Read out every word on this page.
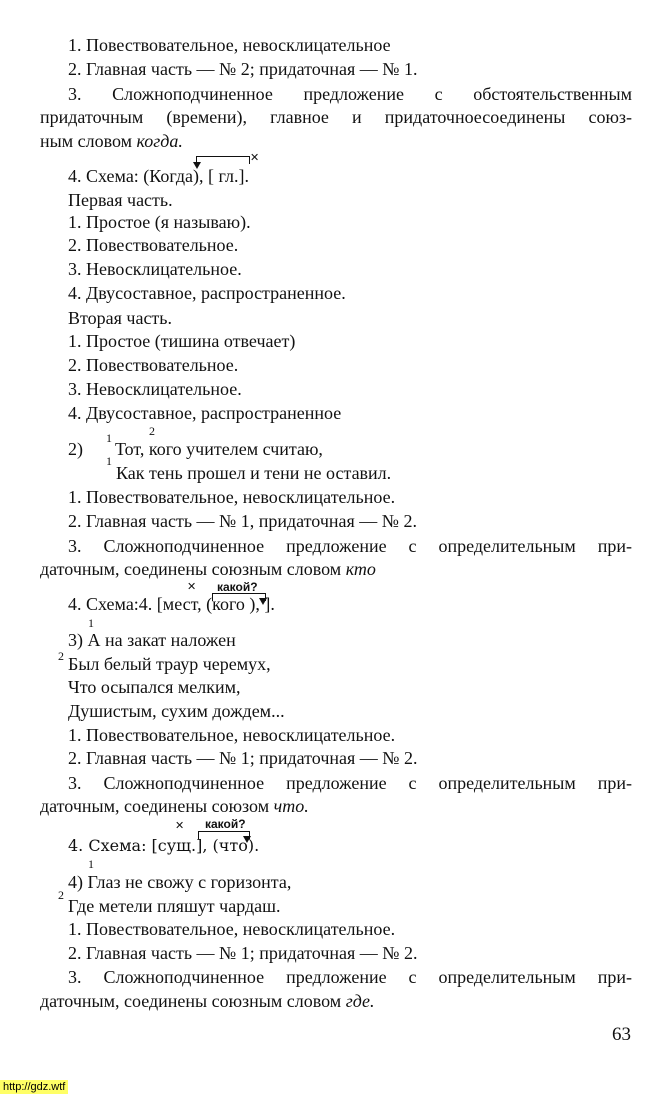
1. Повествовательное, невосклицательное
2. Главная часть — № 2; придаточная — № 1.
3. Сложноподчиненное предложение с обстоятельственным
придаточным (времени), главное и придаточноесоединены союз-
ным словом когда.
✕
4. Схема: (Когда), [ гл.].
Первая часть.
1. Простое (я называю).
2. Повествовательное.
3. Невосклицательное.
4. Двусоставное, распространенное.
Вторая часть.
1. Простое (тишина отвечает)
2. Повествовательное.
3. Невосклицательное.
4. Двусоставное, распространенное
2)
1
1
2
Тот, кого учителем считаю,
Как тень прошел и тени не оставил.
1. Повествовательное, невосклицательное.
2. Главная часть — № 1, придаточная — № 2.
3. Сложноподчиненное предложение с определительным при-
даточным, соединены союзным словом кто
какой?
✕
4. Схема:4. [мест, (кого ), ].
1
2
3) А на закат наложен
Был белый траур черемух,
Что осыпался мелким,
Душистым, сухим дождем...
1. Повествовательное, невосклицательное.
2. Главная часть — № 1; придаточная — № 2.
3. Сложноподчиненное предложение с определительным при-
даточным, соединены союзом что.
какой?
✕
4. Схема: [сущ.], (что).
1
2
4) Глаз не свожу с горизонта,
Где метели пляшут чардаш.
1. Повествовательное, невосклицательное.
2. Главная часть — № 1; придаточная — № 2.
3. Сложноподчиненное предложение с определительным при-
даточным, соединены союзным словом где.
63
http://gdz.wtf
